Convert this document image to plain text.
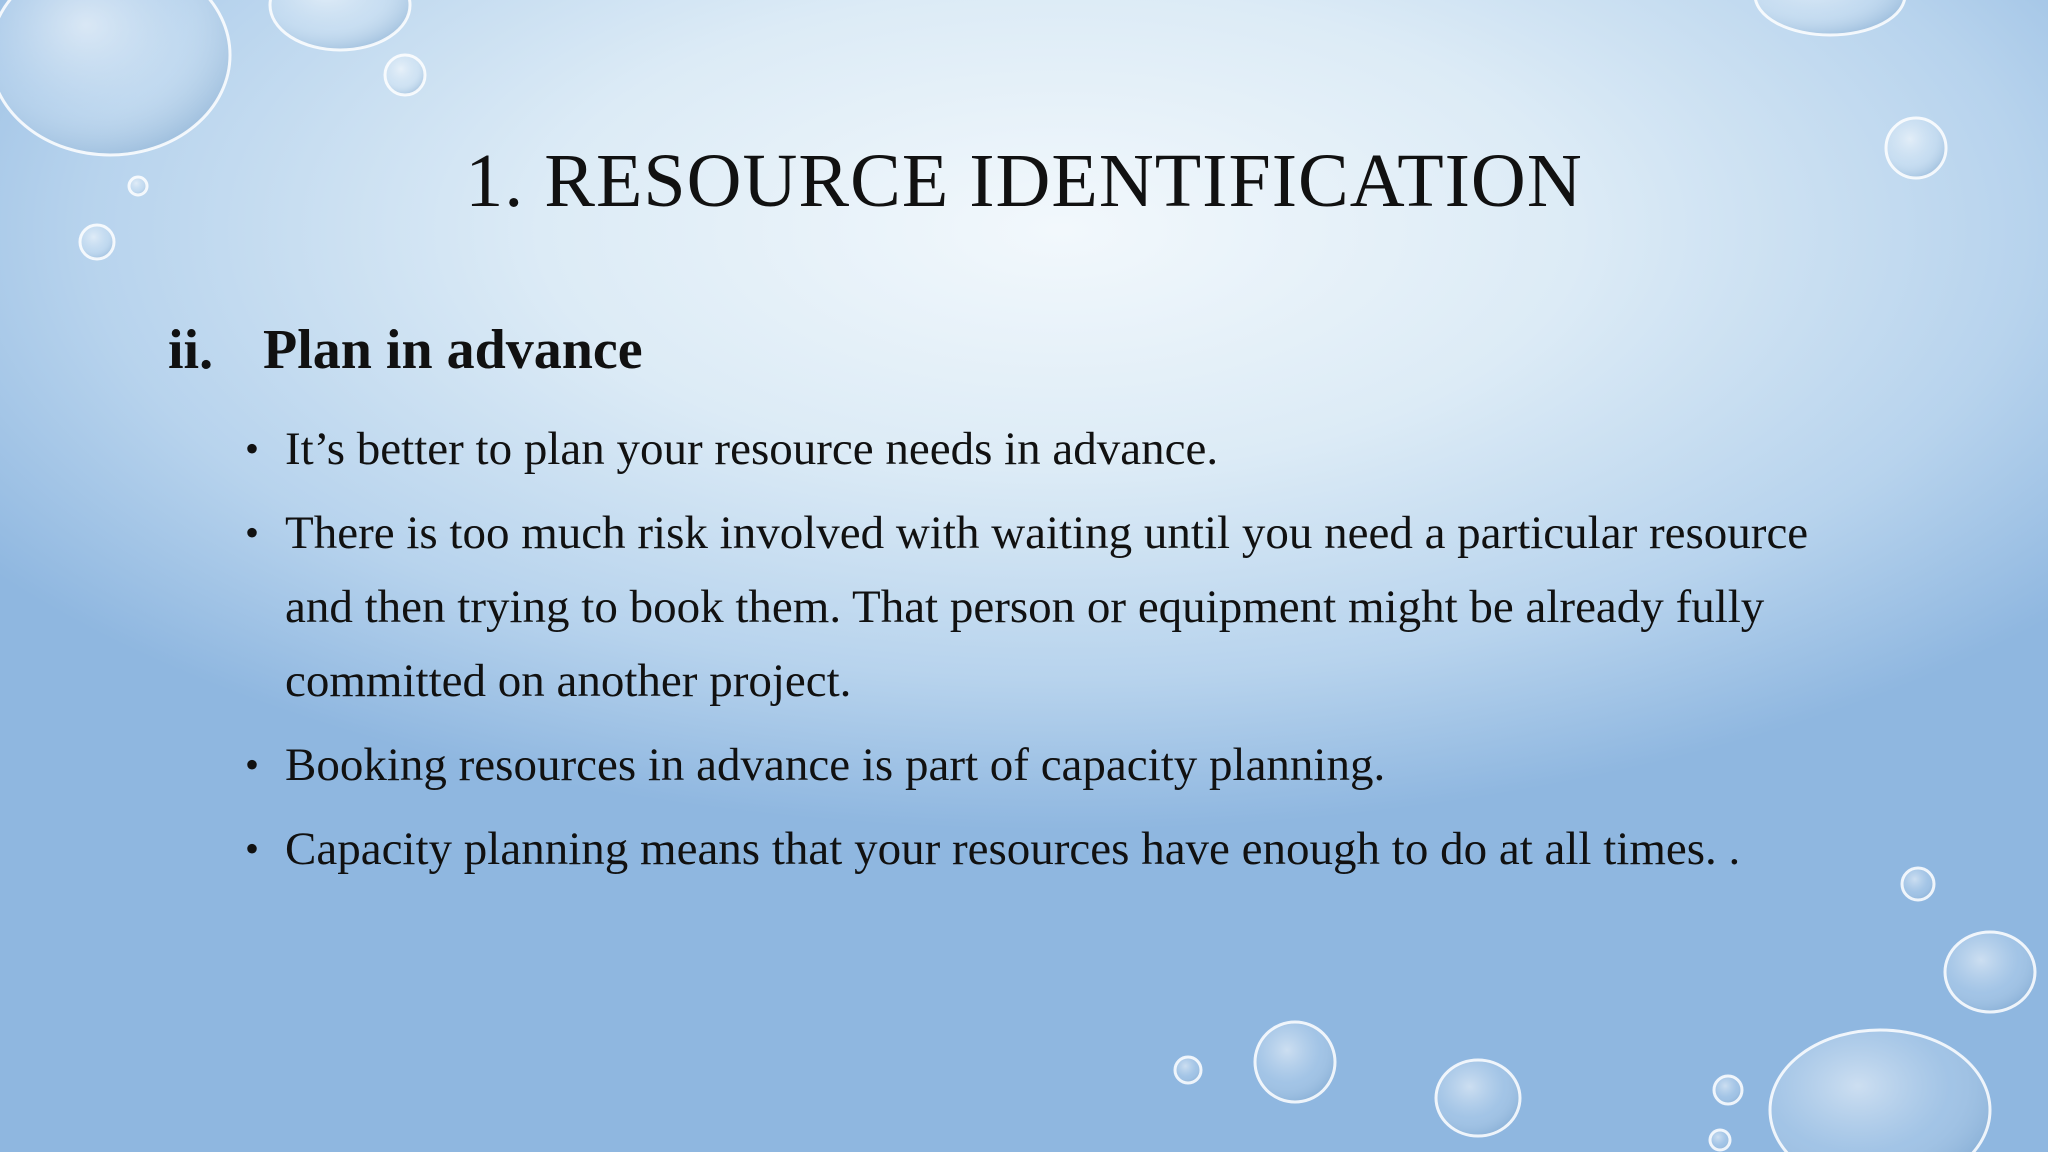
1. RESOURCE IDENTIFICATION
ii. Plan in advance
• It’s better to plan your resource needs in advance.
• There is too much risk involved with waiting until you need a particular resource and then trying to book them. That person or equipment might be already fully committed on another project.
• Booking resources in advance is part of capacity planning.
• Capacity planning means that your resources have enough to do at all times. .
